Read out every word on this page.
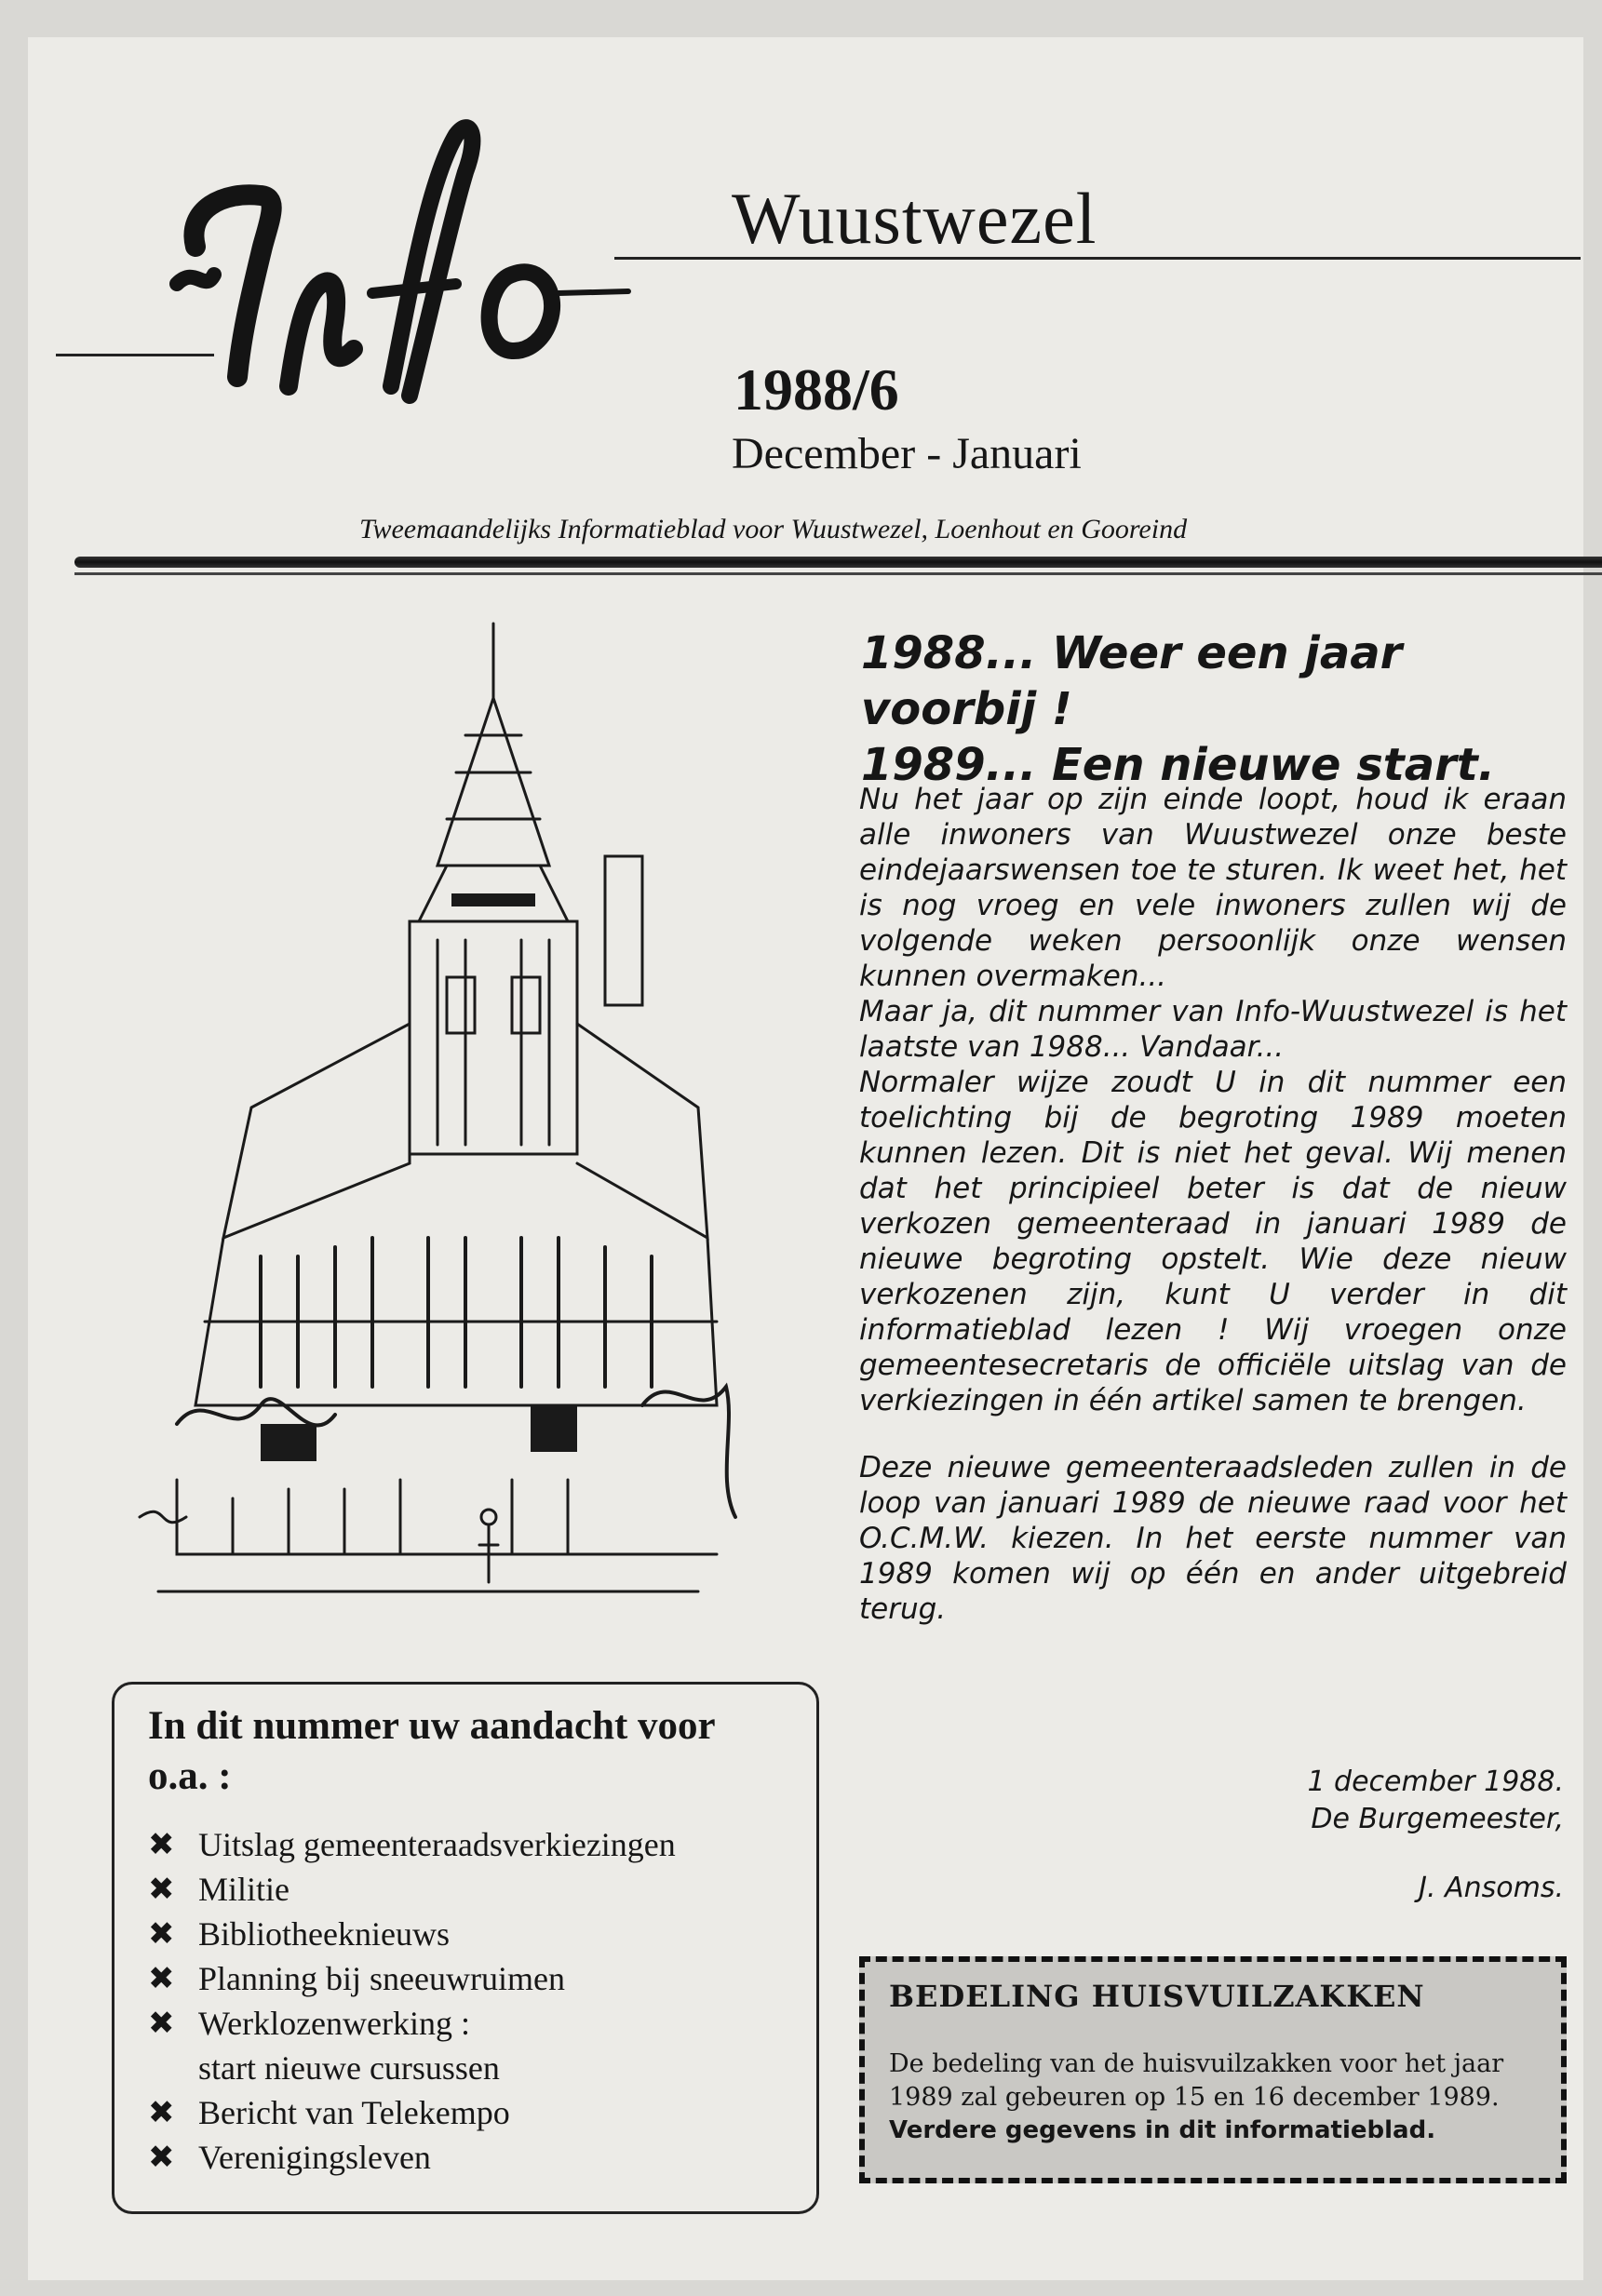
Wuustwezel
1988/6
December - Januari
Tweemaandelijks Informatieblad voor Wuustwezel, Loenhout en Gooreind
1988... Weer een jaar voorbij !
1989... Een nieuwe start.

Nu het jaar op zijn einde loopt, houd ik eraan alle inwoners van Wuustwezel onze beste eindejaarswensen toe te sturen. Ik weet het, het is nog vroeg en vele inwoners zullen wij de volgende weken persoonlijk onze wensen kunnen overmaken...

Maar ja, dit nummer van Info-Wuustwezel is het laatste van 1988... Vandaar...

Normaler wijze zoudt U in dit nummer een toelichting bij de begroting 1989 moeten kunnen lezen. Dit is niet het geval. Wij menen dat het principieel beter is dat de nieuw verkozen gemeenteraad in januari 1989 de nieuwe begroting opstelt. Wie deze nieuw verkozenen zijn, kunt U verder in dit informatieblad lezen ! Wij vroegen onze gemeentesecretaris de officiële uitslag van de verkiezingen in één artikel samen te brengen.

Deze nieuwe gemeenteraadsleden zullen in de loop van januari 1989 de nieuwe raad voor het O.C.M.W. kiezen. In het eerste nummer van 1989 komen wij op één en ander uitgebreid terug.

1 december 1988.
De Burgemeester,
J. Ansoms.
In dit nummer uw aandacht voor o.a. :
✖ Uitslag gemeenteraadsverkiezingen
✖ Militie
✖ Bibliotheeknieuws
✖ Planning bij sneeuwruimen
✖ Werklozenwerking :
start nieuwe cursussen
✖ Bericht van Telekempo
✖ Verenigingsleven
BEDELING HUISVUILZAKKEN
De bedeling van de huisvuilzakken voor het jaar 1989 zal gebeuren op 15 en 16 december 1989.
Verdere gegevens in dit informatieblad.
